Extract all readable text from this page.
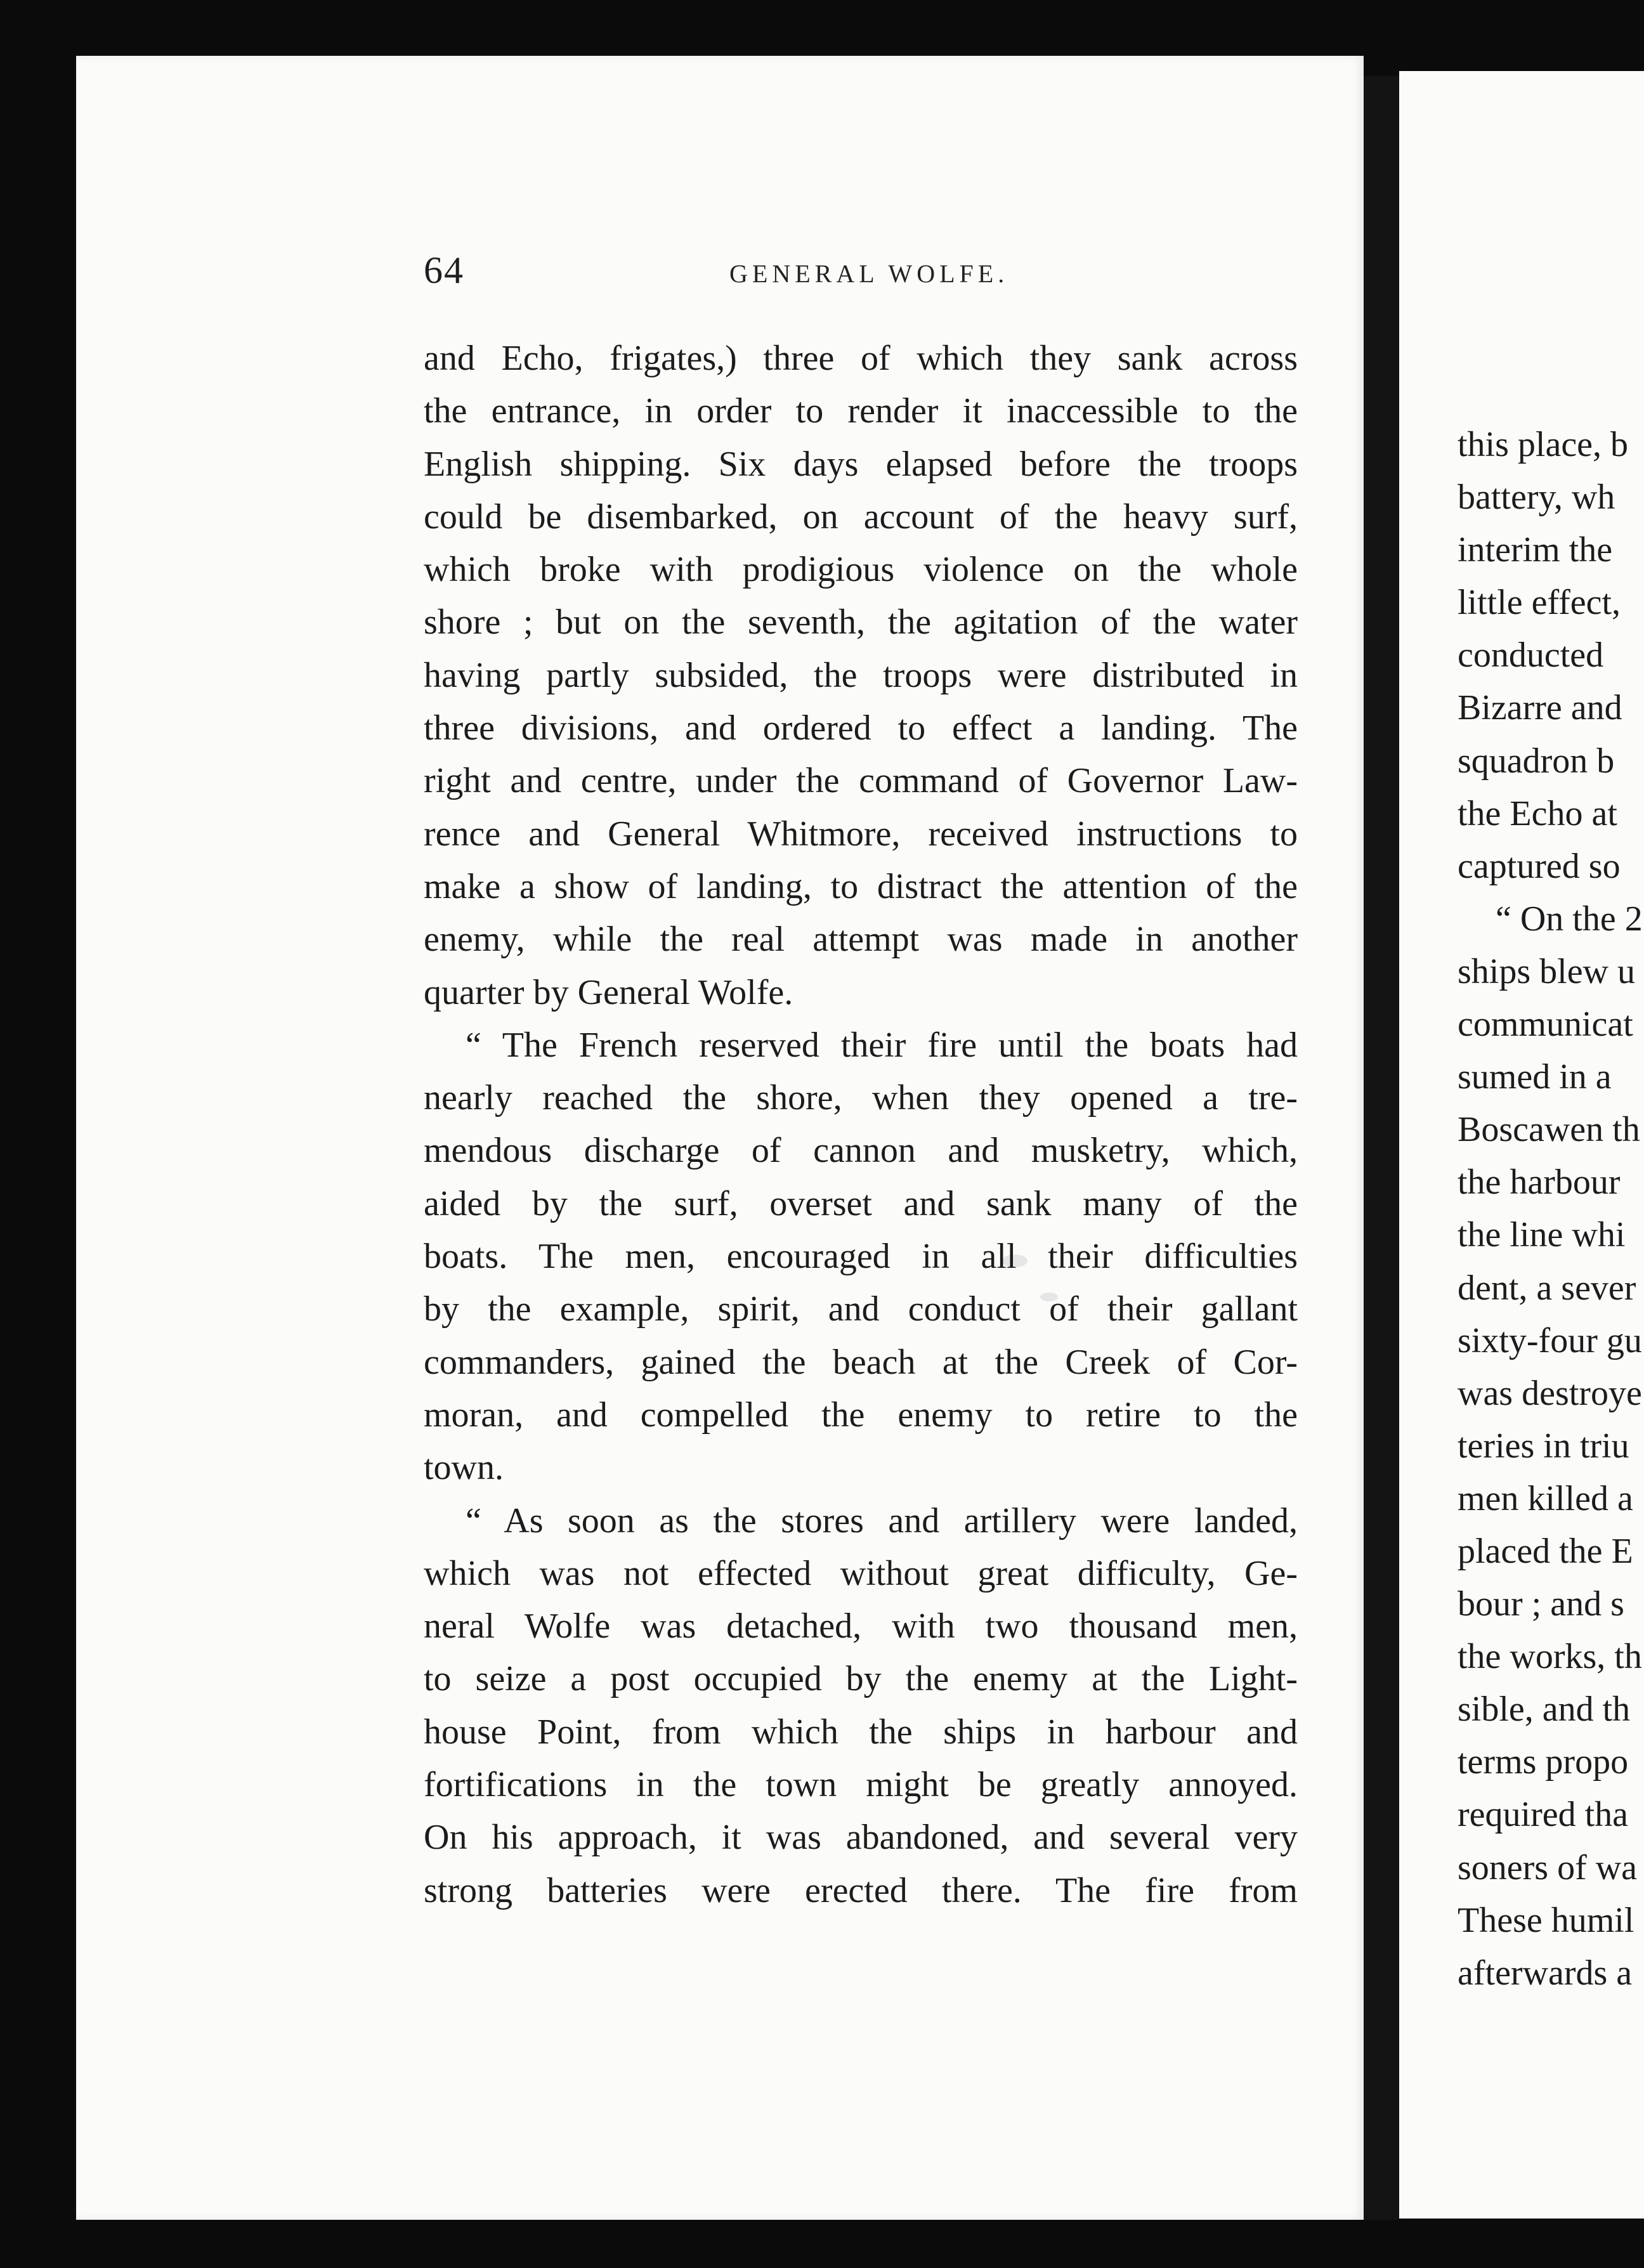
this place, b
battery, wh
interim the
little effect,
conducted
Bizarre and
squadron b
the Echo at
captured so
“ On the 2
ships blew u
communicat
sumed in a
Boscawen th
the harbour
the line whi
dent, a sever
sixty-four gu
was destroye
teries in triu
men killed a
placed the E
bour ; and s
the works, th
sible, and th
terms propo
required tha
soners of wa
These humil
afterwards a
64	GENERAL WOLFE.
and Echo, frigates,) three of which they sank across
the entrance, in order to render it inaccessible to the
English shipping. Six days elapsed before the troops
could be disembarked, on account of the heavy surf,
which broke with prodigious violence on the whole
shore ; but on the seventh, the agitation of the water
having partly subsided, the troops were distributed in
three divisions, and ordered to effect a landing. The
right and centre, under the command of Governor Law-
rence and General Whitmore, received instructions to
make a show of landing, to distract the attention of the
enemy, while the real attempt was made in another
quarter by General Wolfe.
“ The French reserved their fire until the boats had
nearly reached the shore, when they opened a tre-
mendous discharge of cannon and musketry, which,
aided by the surf, overset and sank many of the
boats. The men, encouraged in all their difficulties
by the example, spirit, and conduct of their gallant
commanders, gained the beach at the Creek of Cor-
moran, and compelled the enemy to retire to the
town.
“ As soon as the stores and artillery were landed,
which was not effected without great difficulty, Ge-
neral Wolfe was detached, with two thousand men,
to seize a post occupied by the enemy at the Light-
house Point, from which the ships in harbour and
fortifications in the town might be greatly annoyed.
On his approach, it was abandoned, and several very
strong batteries were erected there. The fire from
